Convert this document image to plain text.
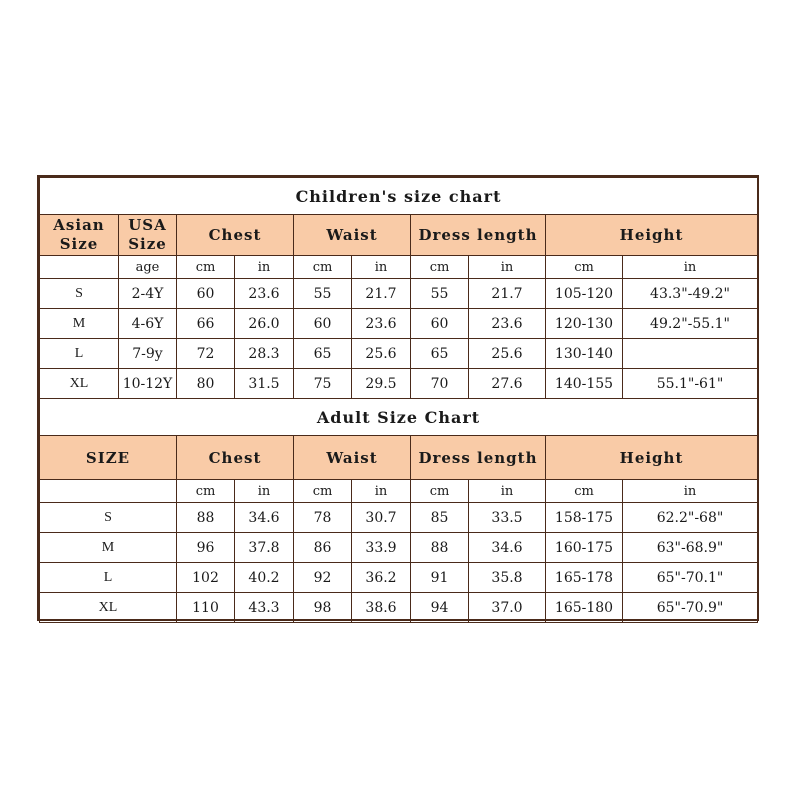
Children's size chart									
Asian Size	USA Size	Chest		Waist		Dress length		Height	
	age	cm	in	cm	in	cm	in	cm	in
S	2-4Y	60	23.6	55	21.7	55	21.7	105-120	43.3"-49.2"
M	4-6Y	66	26.0	60	23.6	60	23.6	120-130	49.2"-55.1"
L	7-9y	72	28.3	65	25.6	65	25.6	130-140	
XL	10-12Y	80	31.5	75	29.5	70	27.6	140-155	55.1"-61"
Adult Size Chart									
SIZE		Chest		Waist		Dress length		Height	
		cm	in	cm	in	cm	in	cm	in
S		88	34.6	78	30.7	85	33.5	158-175	62.2"-68"
M		96	37.8	86	33.9	88	34.6	160-175	63"-68.9"
L		102	40.2	92	36.2	91	35.8	165-178	65"-70.1"
XL		110	43.3	98	38.6	94	37.0	165-180	65"-70.9"
